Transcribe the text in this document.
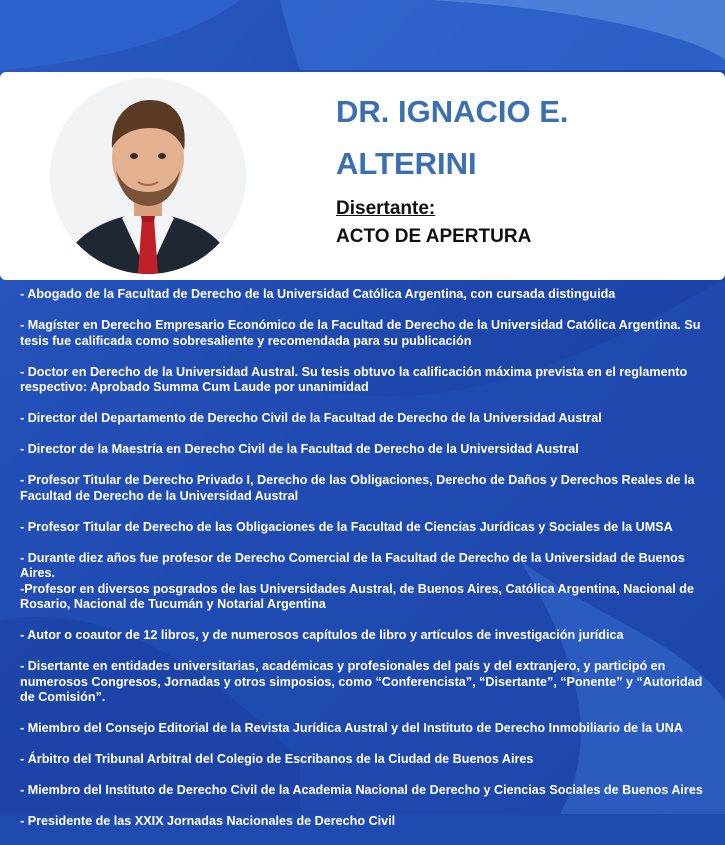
DR. IGNACIO E.
ALTERINI
Disertante:
ACTO DE APERTURA
- Abogado de la Facultad de Derecho de la Universidad Católica Argentina, con cursada distinguida
- Magíster en Derecho Empresario Económico de la Facultad de Derecho de la Universidad Católica Argentina. Su tesis fue calificada como sobresaliente y recomendada para su publicación
- Doctor en Derecho de la Universidad Austral. Su tesis obtuvo la calificación máxima prevista en el reglamento respectivo: Aprobado Summa Cum Laude por unanimidad
- Director del Departamento de Derecho Civil de la Facultad de Derecho de la Universidad Austral
- Director de la Maestría en Derecho Civil de la Facultad de Derecho de la Universidad Austral
- Profesor Titular de Derecho Privado I, Derecho de las Obligaciones, Derecho de Daños y Derechos Reales de la Facultad de Derecho de la Universidad Austral
- Profesor Titular de Derecho de las Obligaciones de la Facultad de Ciencias Jurídicas y Sociales de la UMSA
- Durante diez años fue profesor de Derecho Comercial de la Facultad de Derecho de la Universidad de Buenos Aires.
-Profesor en diversos posgrados de las Universidades Austral, de Buenos Aires, Católica Argentina, Nacional de Rosario, Nacional de Tucumán y Notarial Argentina
- Autor o coautor de 12 libros, y de numerosos capítulos de libro y artículos de investigación jurídica
- Disertante en entidades universitarias, académicas y profesionales del país y del extranjero, y participó en numerosos Congresos, Jornadas y otros simposios, como “Conferencista”, “Disertante”, “Ponente” y “Autoridad de Comisión”.
- Miembro del Consejo Editorial de la Revista Jurídica Austral y del Instituto de Derecho Inmobiliario de la UNA
- Árbitro del Tribunal Arbitral del Colegio de Escribanos de la Ciudad de Buenos Aires
- Miembro del Instituto de Derecho Civil de la Academia Nacional de Derecho y Ciencias Sociales de Buenos Aires
- Presidente de las XXIX Jornadas Nacionales de Derecho Civil
